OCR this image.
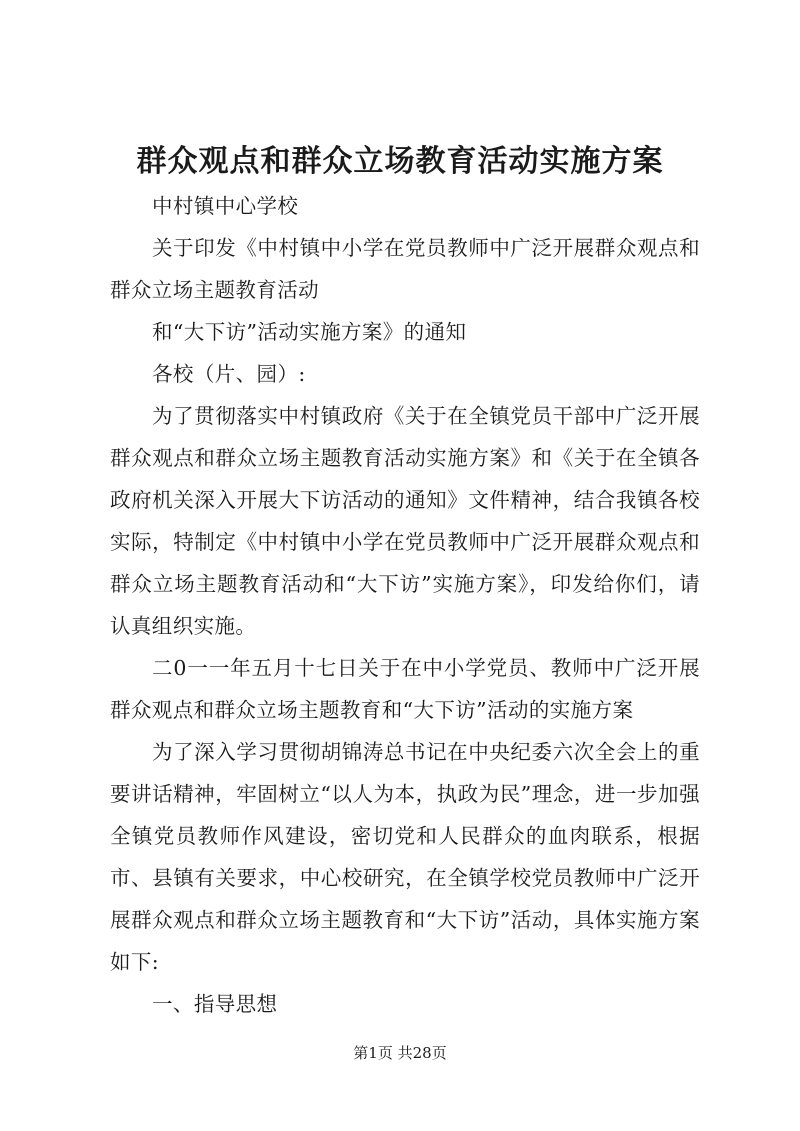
群众观点和群众立场教育活动实施方案

中村镇中心学校

关于印发《中村镇中小学在党员教师中广泛开展群众观点和群众立场主题教育活动

和“大下访”活动实施方案》的通知

各校（片、园）:

为了贯彻落实中村镇政府《关于在全镇党员干部中广泛开展群众观点和群众立场主题教育活动实施方案》和《关于在全镇各政府机关深入开展大下访活动的通知》文件精神，结合我镇各校实际，特制定《中村镇中小学在党员教师中广泛开展群众观点和群众立场主题教育活动和“大下访”实施方案》，印发给你们，请认真组织实施。

二0一一年五月十七日关于在中小学党员、教师中广泛开展群众观点和群众立场主题教育和“大下访”活动的实施方案

为了深入学习贯彻胡锦涛总书记在中央纪委六次全会上的重要讲话精神，牢固树立“以人为本，执政为民”理念，进一步加强全镇党员教师作风建设，密切党和人民群众的血肉联系，根据市、县镇有关要求，中心校研究，在全镇学校党员教师中广泛开展群众观点和群众立场主题教育和“大下访”活动，具体实施方案如下:

一、指导思想

第1页 共28页
